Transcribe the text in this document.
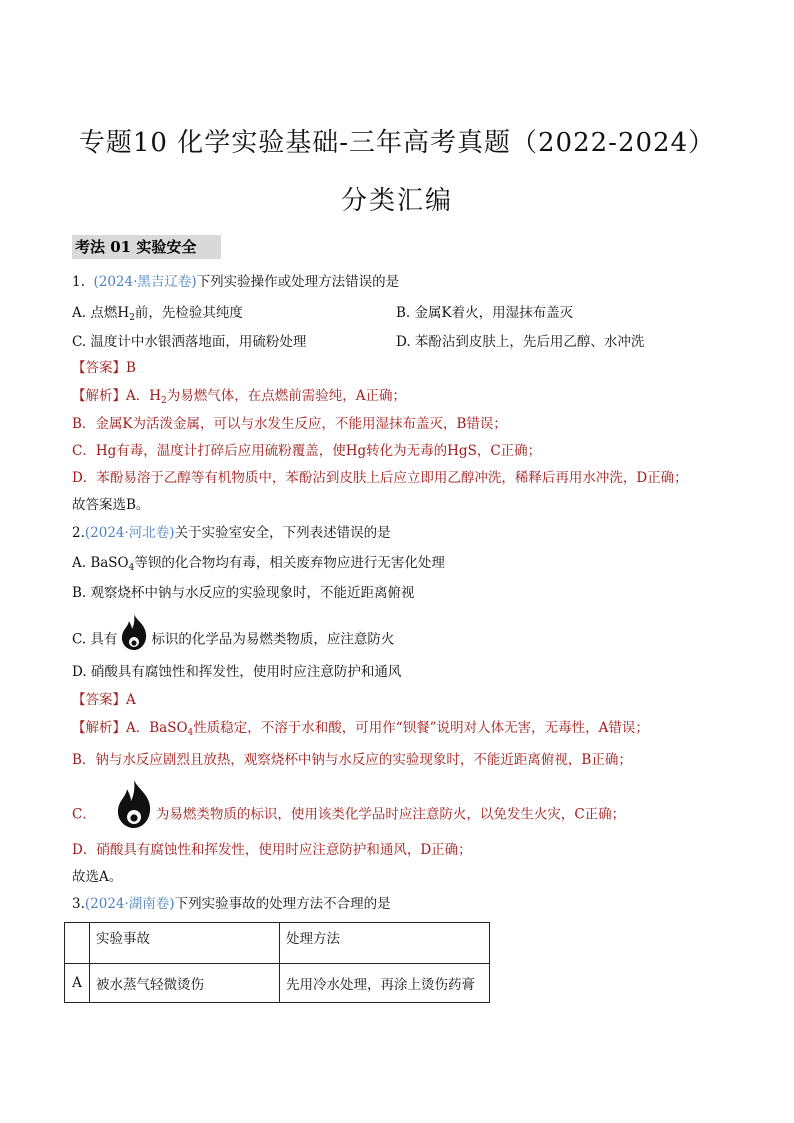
专题10 化学实验基础-三年高考真题（2022-2024）
分类汇编
考法 01 实验安全
1. (2024·黑吉辽卷)下列实验操作或处理方法错误的是
A. 点燃$H_2$前，先检验其纯度	B. 金属K着火，用湿抹布盖灭
C. 温度计中水银洒落地面，用硫粉处理	D. 苯酚沾到皮肤上，先后用乙醇、水冲洗
【答案】B
【解析】A．$H_2$为易燃气体，在点燃前需验纯，A正确；
B．金属K为活泼金属，可以与水发生反应，不能用湿抹布盖灭，B错误；
C．Hg有毒，温度计打碎后应用硫粉覆盖，使Hg转化为无毒的HgS，C正确；
D．苯酚易溶于乙醇等有机物质中，苯酚沾到皮肤上后应立即用乙醇冲洗，稀释后再用水冲洗，D正确；
故答案选B。
2.(2024·河北卷)关于实验室安全，下列表述错误的是
A. BaSO$_4$等钡的化合物均有毒，相关废弃物应进行无害化处理
B. 观察烧杯中钠与水反应的实验现象时，不能近距离俯视
C. 具有	标识的化学品为易燃类物质，应注意防火
D. 硝酸具有腐蚀性和挥发性，使用时应注意防护和通风
【答案】A
【解析】A．BaSO$_4$性质稳定，不溶于水和酸，可用作“钡餐”说明对人体无害，无毒性，A错误；
B．钠与水反应剧烈且放热，观察烧杯中钠与水反应的实验现象时，不能近距离俯视，B正确；
C．	为易燃类物质的标识，使用该类化学品时应注意防火，以免发生火灾，C正确；
D．硝酸具有腐蚀性和挥发性，使用时应注意防护和通风，D正确；
故选A。
3.(2024·湖南卷)下列实验事故的处理方法不合理的是
	实验事故	处理方法
A	被水蒸气轻微烫伤	先用冷水处理，再涂上烫伤药膏
